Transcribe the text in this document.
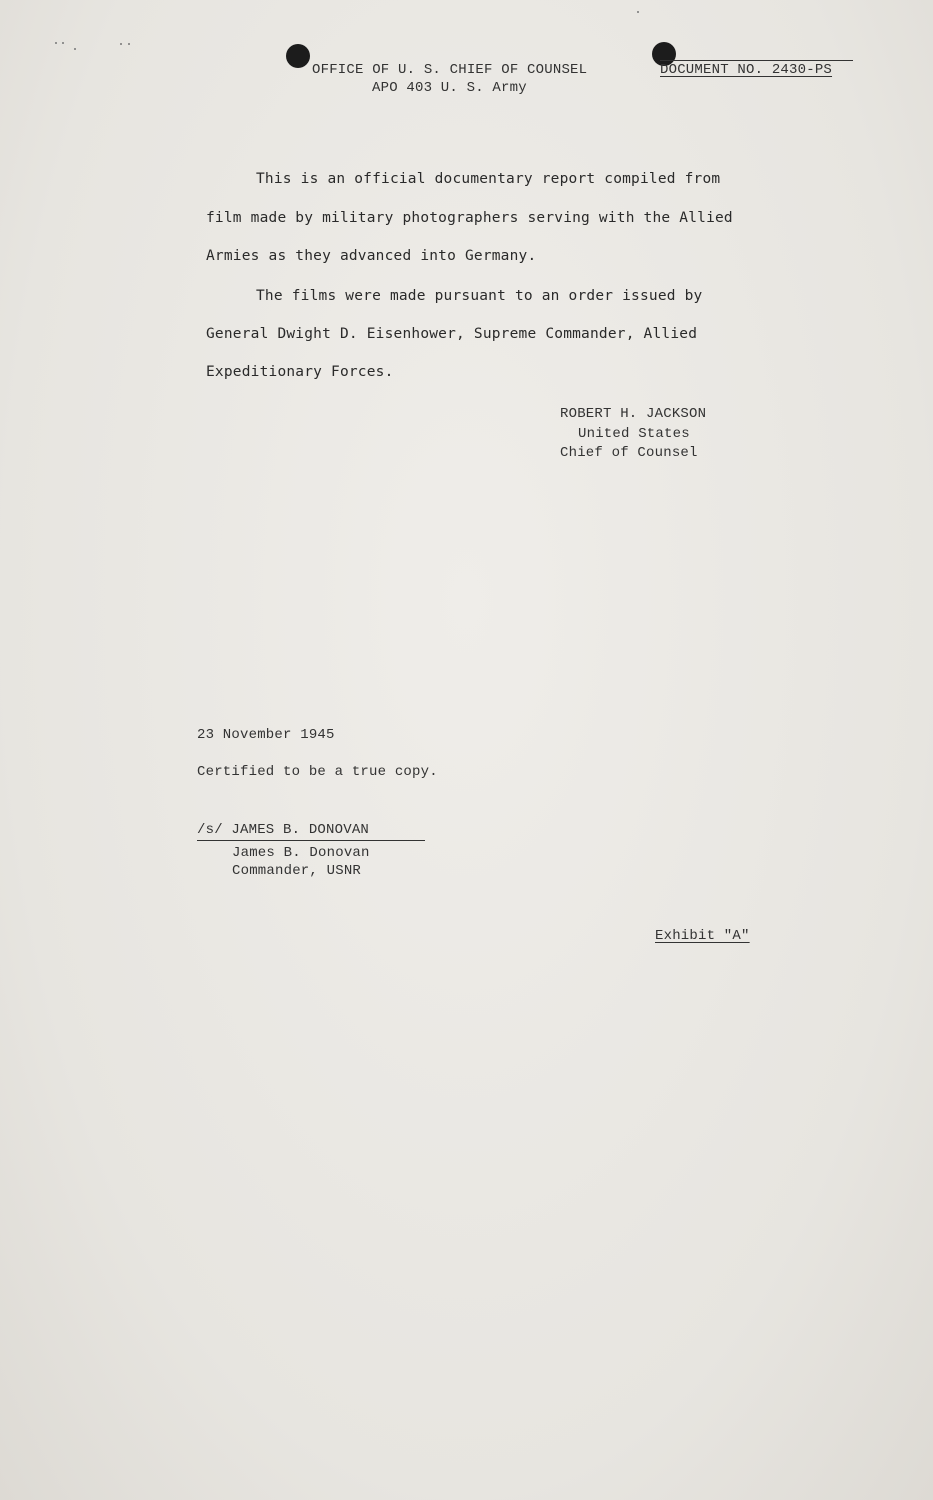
OFFICE OF U. S. CHIEF OF COUNSEL
APO 403 U. S. Army
DOCUMENT NO. 2430-PS
This is an official documentary report compiled from
film made by military photographers serving with the Allied
Armies as they advanced into Germany.
The films were made pursuant to an order issued by
General Dwight D. Eisenhower, Supreme Commander, Allied
Expeditionary Forces.
ROBERT H. JACKSON
United States
Chief of Counsel
23 November 1945
Certified to be a true copy.
/s/ JAMES B. DONOVAN
James B. Donovan
Commander, USNR
Exhibit "A"
